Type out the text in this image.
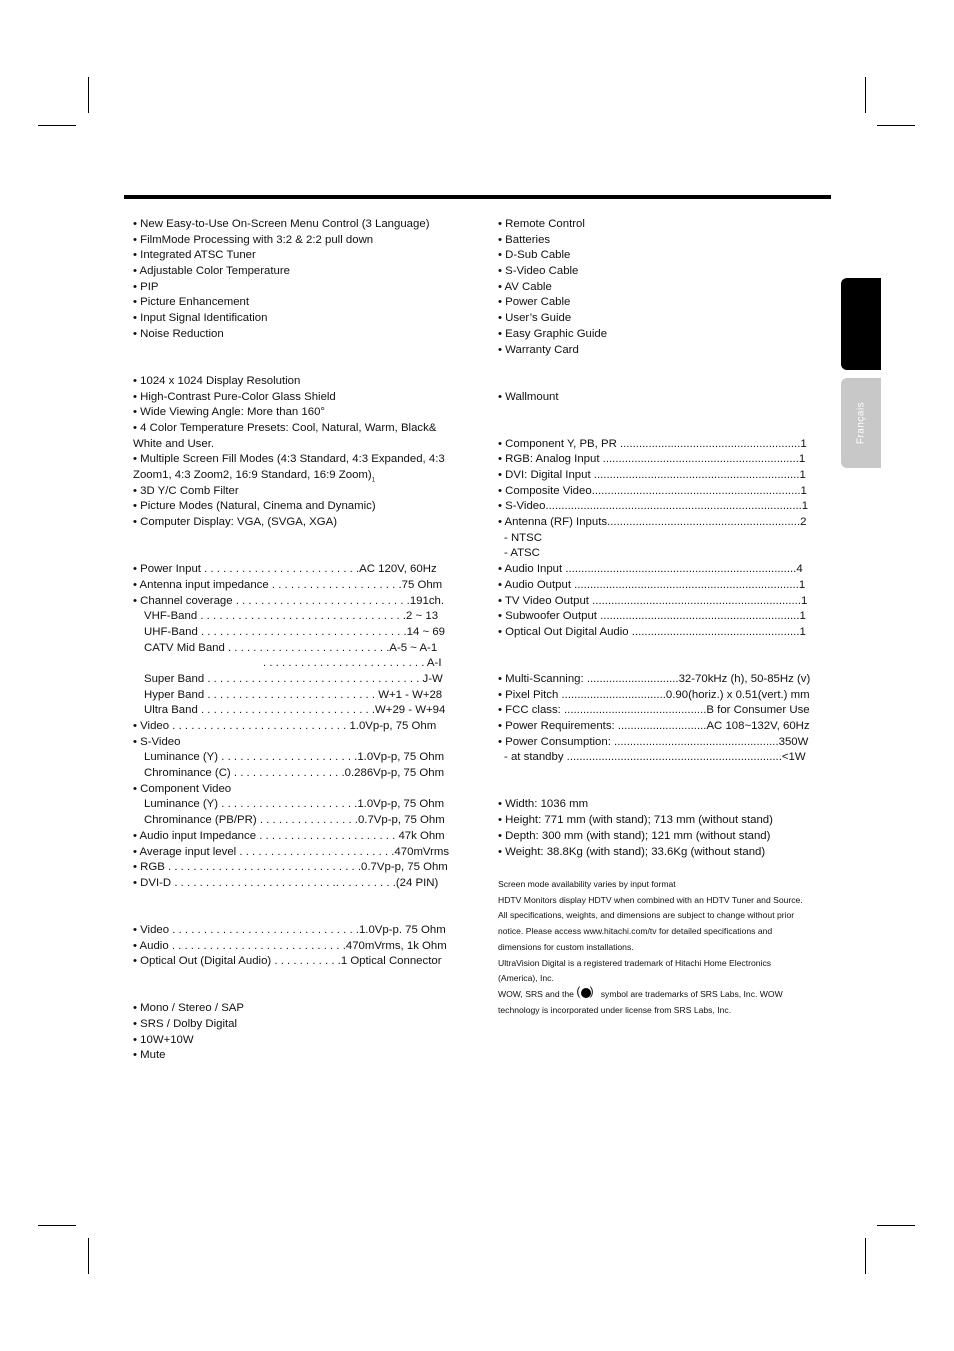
Français
• New Easy-to-Use On-Screen Menu Control (3 Language)
• FilmMode Processing with 3:2 & 2:2 pull down
• Integrated ATSC Tuner
• Adjustable Color Temperature
• PIP
• Picture Enhancement
• Input Signal Identification
• Noise Reduction
• 1024 x 1024 Display Resolution
• High-Contrast Pure-Color Glass Shield
• Wide Viewing Angle: More than 160°
• 4 Color Temperature Presets: Cool, Natural, Warm, Black&
White and User.
• Multiple Screen Fill Modes (4:3 Standard, 4:3 Expanded, 4:3
Zoom1, 4:3 Zoom2, 16:9 Standard, 16:9 $Zoom)_1$
• 3D Y/C Comb Filter
• Picture Modes (Natural, Cinema and Dynamic)
• Computer Display: VGA, (SVGA, XGA)
• Power Input . . . . . . . . . . . . . . . . . . . . . . . . .AC 120V, 60Hz
• Antenna input impedance . . . . . . . . . . . . . . . . . . . . .75 Ohm
• Channel coverage . . . . . . . . . . . . . . . . . . . . . . . . . . . .191ch.
VHF-Band . . . . . . . . . . . . . . . . . . . . . . . . . . . . . . . . .2 ~ 13
UHF-Band . . . . . . . . . . . . . . . . . . . . . . . . . . . . . . . . .14 ~ 69
CATV Mid Band . . . . . . . . . . . . . . . . . . . . . . . . . .A-5 ~ A-1
. . . . . . . . . . . . . . . . . . . . . . . . . . A-I
Super Band . . . . . . . . . . . . . . . . . . . . . . . . . . . . . . . . . . J-W
Hyper Band . . . . . . . . . . . . . . . . . . . . . . . . . . . W+1 - W+28
Ultra Band . . . . . . . . . . . . . . . . . . . . . . . . . . . .W+29 - W+94
• Video . . . . . . . . . . . . . . . . . . . . . . . . . . . . 1.0Vp-p, 75 Ohm
• S-Video
Luminance (Y) . . . . . . . . . . . . . . . . . . . . . .1.0Vp-p, 75 Ohm
Chrominance (C) . . . . . . . . . . . . . . . . . .0.286Vp-p, 75 Ohm
• Component Video
Luminance (Y) . . . . . . . . . . . . . . . . . . . . . .1.0Vp-p, 75 Ohm
Chrominance (PB/PR) . . . . . . . . . . . . . . . .0.7Vp-p, 75 Ohm
• Audio input Impedance . . . . . . . . . . . . . . . . . . . . . . 47k Ohm
• Average input level . . . . . . . . . . . . . . . . . . . . . . . . .470mVrms
• RGB . . . . . . . . . . . . . . . . . . . . . . . . . . . . . . .0.7Vp-p, 75 Ohm
• DVI-D . . . . . . . . . . . . . . . . . . . . . . . . . .. . . . . . . . . .(24 PIN)
• Video . . . . . . . . . . . . . . . . . . . . . . . . . . . . . .1.0Vp-p. 75 Ohm
• Audio . . . . . . . . . . . . . . . . . . . . . . . . . . . .470mVrms, 1k Ohm
• Optical Out (Digital Audio) . . . . . . . . . . .1 Optical Connector
• Mono / Stereo / SAP
• SRS / Dolby Digital
• 10W+10W
• Mute
• Remote Control
• Batteries
• D-Sub Cable
• S-Video Cable
• AV Cable
• Power Cable
• User’s Guide
• Easy Graphic Guide
• Warranty Card
• Wallmount
• Component Y, PB, PR .........................................................1
• RGB: Analog Input ..............................................................1
• DVI: Digital Input .................................................................1
• Composite Video..................................................................1
• S-Video.................................................................................1
• Antenna (RF) Inputs.............................................................2
- NTSC
- ATSC
• Audio Input .........................................................................4
• Audio Output .......................................................................1
• TV Video Output ..................................................................1
• Subwoofer Output ...............................................................1
• Optical Out Digital Audio .....................................................1
• Multi-Scanning: .............................32-70kHz (h), 50-85Hz (v)
• Pixel Pitch .................................0.90(horiz.) x 0.51(vert.) mm
• FCC class: .............................................B for Consumer Use
• Power Requirements: ............................AC 108~132V, 60Hz
• Power Consumption: ....................................................350W
- at standby ....................................................................<1W
• Width: 1036 mm
• Height: 771 mm (with stand); 713 mm (without stand)
• Depth: 300 mm (with stand); 121 mm (without stand)
• Weight: 38.8Kg (with stand); 33.6Kg (without stand)
Screen mode availability varies by input format
HDTV Monitors display HDTV when combined with an HDTV Tuner and Source.
All specifications, weights, and dimensions are subject to change without prior
notice. Please access www.hitachi.com/tv for detailed specifications and
dimensions for custom installations.
UltraVision Digital is a registered trademark of Hitachi Home Electronics
(America), Inc.
WOW, SRS and the ( )	symbol are trademarks of SRS Labs, Inc. WOW
technology is incorporated under license from SRS Labs, Inc.
